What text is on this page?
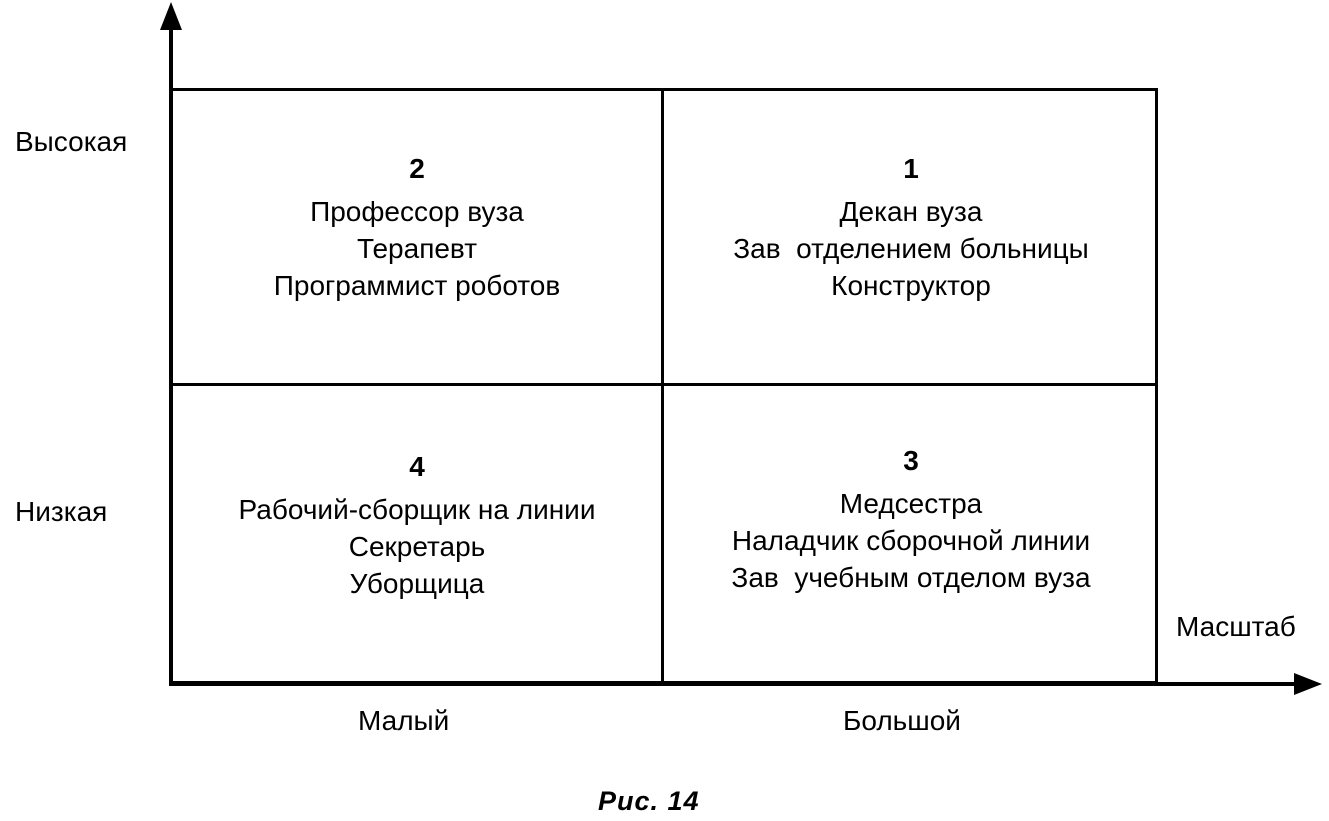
2
Профессор вуза
Терапевт
Программист роботов
1
Декан вуза
Зав  отделением больницы
Конструктор
4
Рабочий-сборщик на линии
Секретарь
Уборщица
3
Медсестра
Наладчик сборочной линии
Зав  учебным отделом вуза
Высокая
Низкая
Малый	Большой
Масштаб
Рис. 14
